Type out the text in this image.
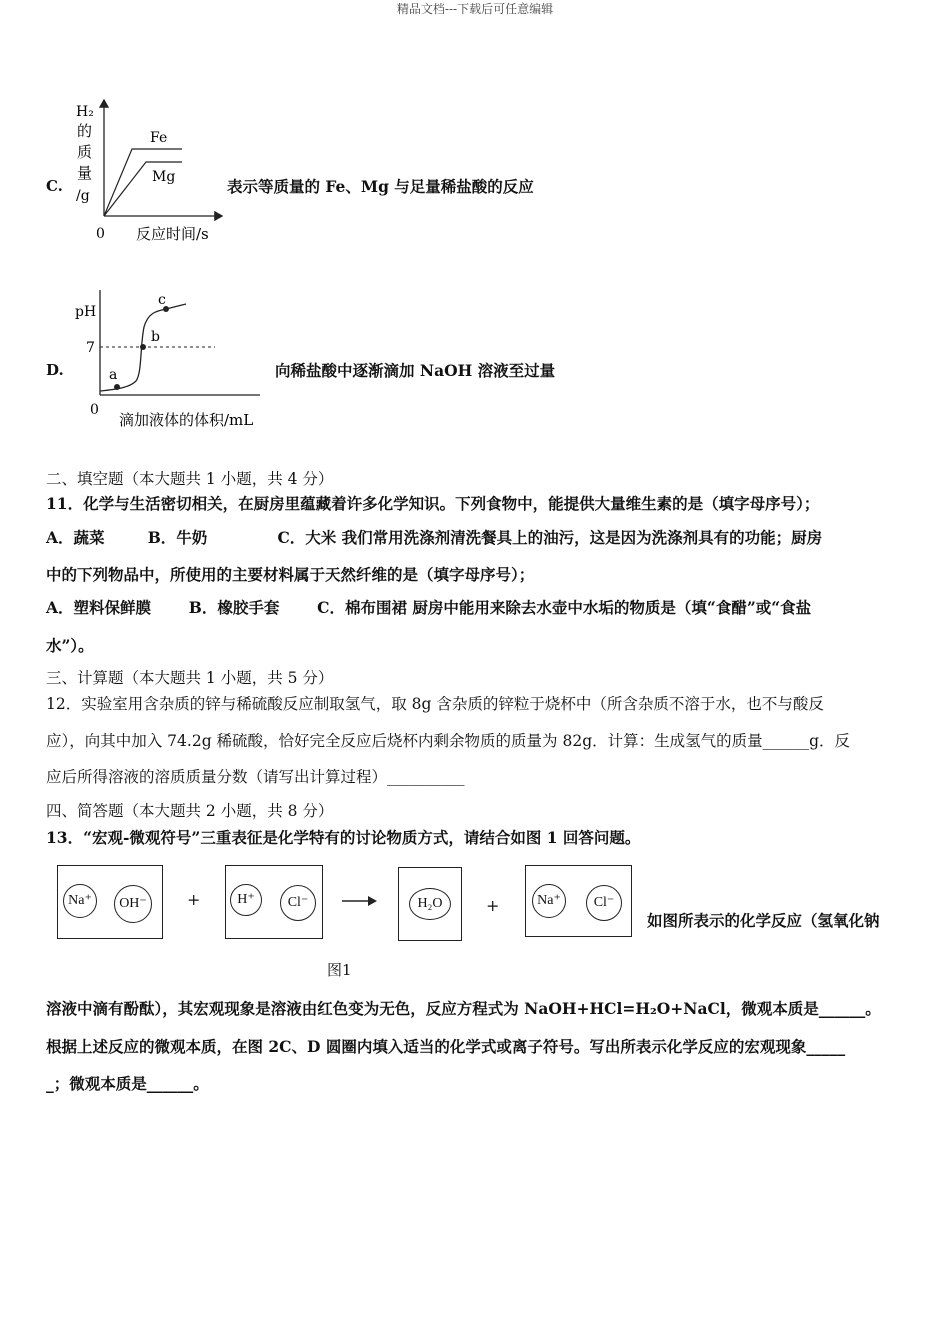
精品文档---下载后可任意编辑
C.
H₂
的
质
量
/g
Fe
Mg
0 反应时间/s
表示等质量的 Fe、Mg 与足量稀盐酸的反应
D.	a
b
c
pH
7
0
滴加液体的体积/mL
向稀盐酸中逐渐滴加 NaOH 溶液至过量
二、填空题（本大题共 1 小题，共 4 分）
11．化学与生活密切相关，在厨房里蕴藏着许多化学知识。下列食物中，能提供大量维生素的是（填字母序号）；
A．蔬菜        B．牛奶             C．大米 我们常用洗涤剂清洗餐具上的油污，这是因为洗涤剂具有的功能；厨房
中的下列物品中，所使用的主要材料属于天然纤维的是（填字母序号）；
A．塑料保鲜膜       B．橡胶手套       C．棉布围裙 厨房中能用来除去水壶中水垢的物质是（填“食醋”或“食盐
水”）。
三、计算题（本大题共 1 小题，共 5 分）
12．实验室用含杂质的锌与稀硫酸反应制取氢气，取 8g 含杂质的锌粒于烧杯中（所含杂质不溶于水，也不与酸反
应），向其中加入 74.2g 稀硫酸，恰好完全反应后烧杯内剩余物质的质量为 82g．计算：生成氢气的质量______g．反
应后所得溶液的溶质质量分数（请写出计算过程）__________
四、简答题（本大题共 2 小题，共 8 分）
13．“宏观-微观符号”三重表征是化学特有的讨论物质方式，请结合如图 1 回答问题。
Na⁺	OH⁻	+	H⁺	Cl⁻	H₂O	+	Na⁺	Cl⁻
如图所表示的化学反应（氢氧化钠
图1
溶液中滴有酚酞），其宏观现象是溶液由红色变为无色，反应方程式为 NaOH+HCl=H₂O+NaCl，微观本质是______。
根据上述反应的微观本质，在图 2C、D 圆圈内填入适当的化学式或离子符号。写出所表示化学反应的宏观现象_____
_；微观本质是______。
